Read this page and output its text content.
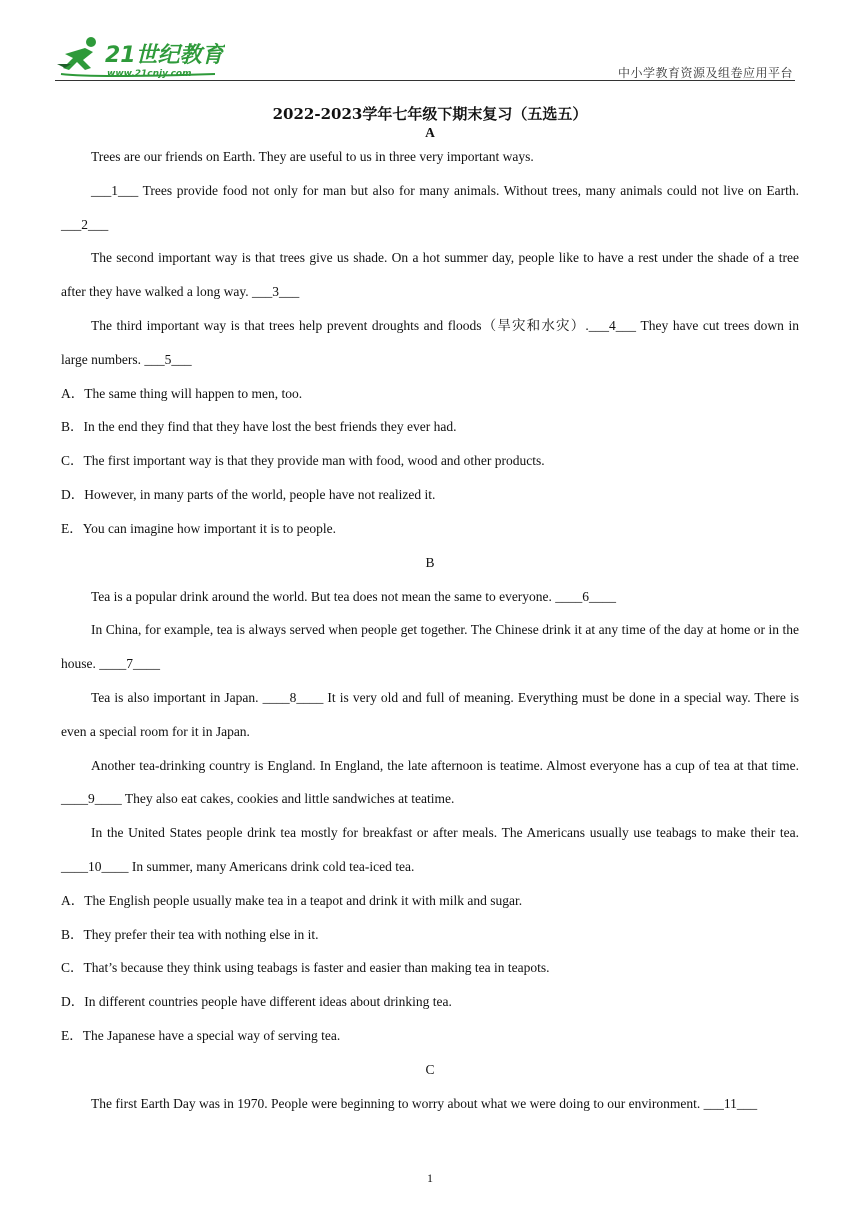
21世纪教育
www.21cnjy.com	中小学教育资源及组卷应用平台
2022-2023学年七年级下期末复习（五选五）
A

Trees are our friends on Earth. They are useful to us in three very important ways.

___1___ Trees provide food not only for man but also for many animals. Without trees, many animals could not live on Earth. ___2___

The second important way is that trees give us shade. On a hot summer day, people like to have a rest under the shade of a tree after they have walked a long way. ___3___

The third important way is that trees help prevent droughts and floods（旱灾和水灾）.___4___ They have cut trees down in large numbers. ___5___

A．The same thing will happen to men, too.

B．In the end they find that they have lost the best friends they ever had.

C．The first important way is that they provide man with food, wood and other products.

D．However, in many parts of the world, people have not realized it.

E．You can imagine how important it is to people.

B

Tea is a popular drink around the world. But tea does not mean the same to everyone. ____6____

In China, for example, tea is always served when people get together. The Chinese drink it at any time of the day at home or in the house. ____7____

Tea is also important in Japan. ____8____ It is very old and full of meaning. Everything must be done in a special way. There is even a special room for it in Japan.

Another tea-drinking country is England. In England, the late afternoon is teatime. Almost everyone has a cup of tea at that time. ____9____ They also eat cakes, cookies and little sandwiches at teatime.

In the United States people drink tea mostly for breakfast or after meals. The Americans usually use teabags to make their tea. ____10____ In summer, many Americans drink cold tea-iced tea.

A．The English people usually make tea in a teapot and drink it with milk and sugar.

B．They prefer their tea with nothing else in it.

C．That’s because they think using teabags is faster and easier than making tea in teapots.

D．In different countries people have different ideas about drinking tea.

E．The Japanese have a special way of serving tea.

C

The first Earth Day was in 1970. People were beginning to worry about what we were doing to our environment. ___11___

1
